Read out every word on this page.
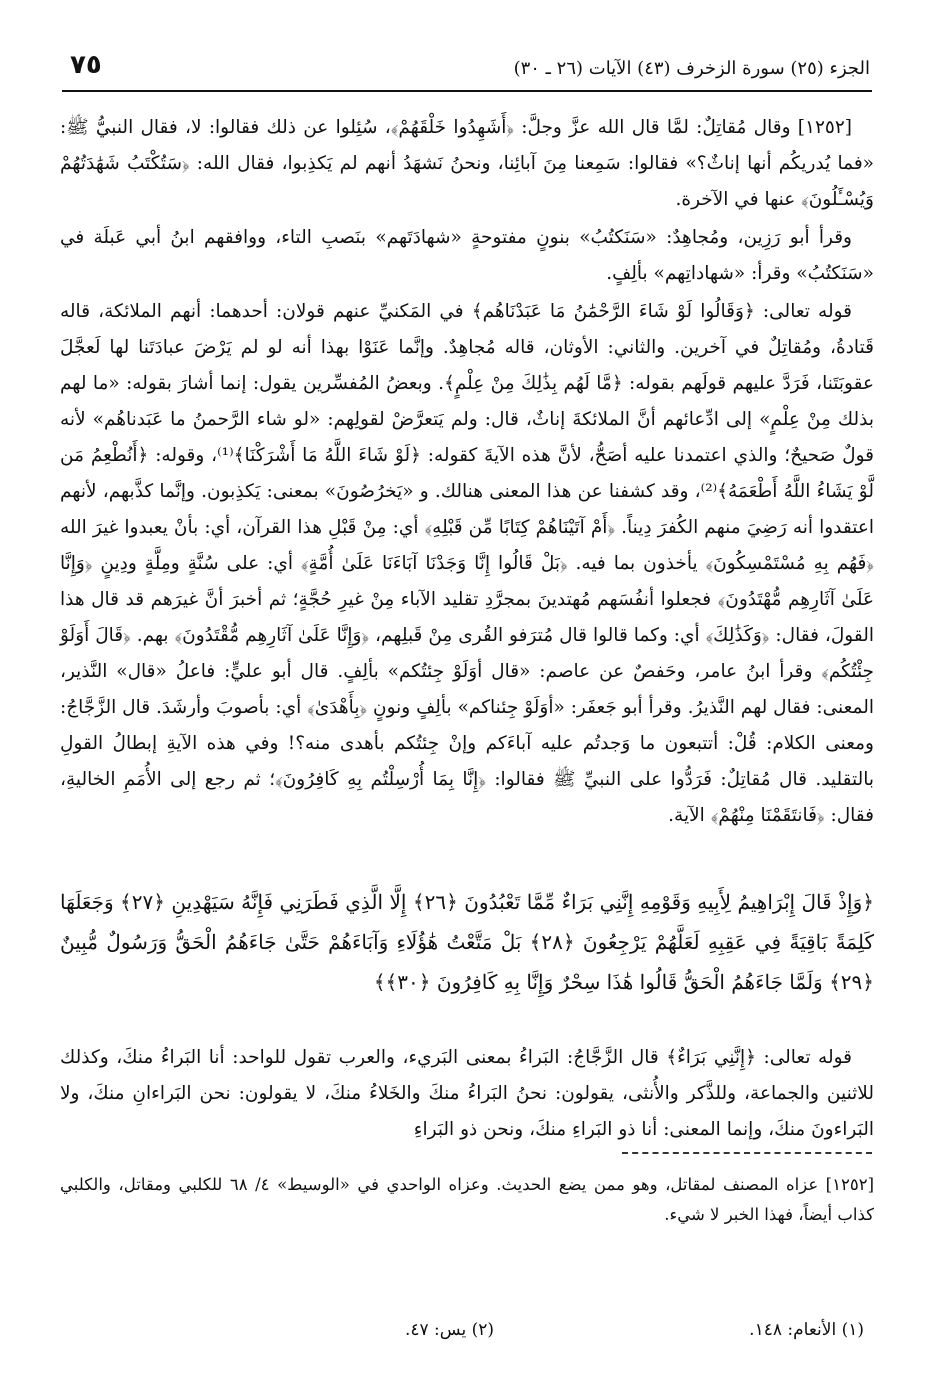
٧٥	الجزء (٢٥) سورة الزخرف (٤٣) الآيات (٢٦ ـ ٣٠)

[١٢٥٢] وقال مُقاتِلٌ: لمَّا قال الله عزَّ وجلَّ: ﴿أَشَهِدُوا خَلْقَهُمْ﴾، سُئِلوا عن ذلك فقالوا: لا، فقال النبيُّ ﷺ: «فما يُدريكُم أنها إناثٌ؟» فقالوا: سَمِعنا مِنَ آبائِنا، ونحنُ نَشهَدُ أنهم لم يَكذِبوا، فقال الله: ﴿سَتُكْتَبُ شَهَٰدَتُهُمْ وَيُسْـَٔلُونَ﴾ عنها في الآخرة.

وقرأ أبو رَزِين، ومُجاهِدٌ: «سَنَكتُبُ» بنونٍ مفتوحةٍ «شهادَتَهم» بنَصبِ التاء، ووافقهم ابنُ أبي عَبلَة في «سَنَكتُبُ» وقرأ: «شهاداتِهم» بألِفٍ.

قوله تعالى: ﴿وَقَالُوا لَوْ شَاءَ الرَّحْمَٰنُ مَا عَبَدْنَاهُم﴾ في المَكنيِّ عنهم قولان: أحدهما: أنهم الملائكة، قاله قَتادةُ، ومُقاتِلٌ في آخرين. والثاني: الأوثان، قاله مُجاهِدٌ. وإنَّما عَنَوْا بهذا أنه لو لم يَرْضَ عبادَتَنا لها لَعجَّلَ عقوبَتَنا، فَرَدَّ عليهم قولَهم بقوله: ﴿مَّا لَهُم بِذَٰلِكَ مِنْ عِلْمٍ﴾. وبعضُ المُفسِّرين يقول: إنما أشارَ بقوله: «ما لهم بذلك مِنْ عِلْمٍ» إلى ادِّعائهم أنَّ الملائكةَ إناثٌ، قال: ولم يَتعرَّضْ لقولِهم: «لو شاء الرَّحمنُ ما عَبَدناهُم» لأنه قولٌ صَحيحٌ؛ والذي اعتمدنا عليه أصَحُّ، لأنَّ هذه الآيةَ كقوله: ﴿لَوْ شَاءَ اللَّهُ مَا أَشْرَكْنَا﴾⁽¹⁾، وقوله: ﴿أَنُطْعِمُ مَن لَّوْ يَشَاءُ اللَّهُ أَطْعَمَهُ﴾⁽²⁾، وقد كشفنا عن هذا المعنى هنالك. و «يَخرُصُونَ» بمعنى: يَكذِبون. وإنَّما كذَّبهم، لأنهم اعتقدوا أنه رَضِيَ منهم الكُفرَ دِيناً. ﴿أَمْ آتَيْنَاهُمْ كِتَابًا مِّن قَبْلِهِ﴾ أي: مِنْ قَبْلِ هذا القرآن، أي: بأنْ يعبدوا غيرَ الله ﴿فَهُم بِهِ مُسْتَمْسِكُونَ﴾ يأخذون بما فيه. ﴿بَلْ قَالُوا إِنَّا وَجَدْنَا آبَاءَنَا عَلَىٰ أُمَّةٍ﴾ أي: على سُنَّةٍ ومِلَّةٍ ودِينٍ ﴿وَإِنَّا عَلَىٰ آثَارِهِم مُّهْتَدُونَ﴾ فجعلوا أنفُسَهم مُهتدينَ بمجرَّدِ تقليد الآباء مِنْ غيرِ حُجَّةٍ؛ ثم أخبرَ أنَّ غيرَهم قد قال هذا القولَ، فقال: ﴿وَكَذَٰلِكَ﴾ أي: وكما قالوا قال مُترَفو القُرى مِنْ قَبلِهم، ﴿وَإِنَّا عَلَىٰ آثَارِهِم مُّقْتَدُونَ﴾ بهم. ﴿قَالَ أَوَلَوْ جِئْتُكُم﴾ وقرأ ابنُ عامر، وحَفصٌ عن عاصم: «قال أوَلَوْ جِئتُكم» بألِفٍ. قال أبو عليٍّ: فاعلُ «قال» النَّذير، المعنى: فقال لهم النَّذيرُ. وقرأ أبو جَعفَر: «أوَلَوْ جِئناكم» بألِفٍ ونونٍ ﴿بِأَهْدَىٰ﴾ أي: بأصوبَ وأرشَدَ. قال الزَّجَّاجُ: ومعنى الكلام: قُلْ: أتتبعون ما وَجدتُم عليه آباءَكم وإنْ جِئتُكم بأهدى منه؟! وفي هذه الآيةِ إبطالُ القولِ بالتقليد. قال مُقاتِلٌ: فَرَدُّوا على النبيِّ ﷺ فقالوا: ﴿إِنَّا بِمَا أُرْسِلْتُم بِهِ كَافِرُونَ﴾؛ ثم رجع إلى الأُمَمِ الخاليةِ، فقال: ﴿فَانتَقَمْنَا مِنْهُمْ﴾ الآية.

﴿وَإِذْ قَالَ إِبْرَاهِيمُ لِأَبِيهِ وَقَوْمِهِ إِنَّنِي بَرَاءٌ مِّمَّا تَعْبُدُونَ ﴿٢٦﴾ إِلَّا الَّذِي فَطَرَنِي فَإِنَّهُ سَيَهْدِينِ ﴿٢٧﴾ وَجَعَلَهَا كَلِمَةً بَاقِيَةً فِي عَقِبِهِ لَعَلَّهُمْ يَرْجِعُونَ ﴿٢٨﴾ بَلْ مَتَّعْتُ هَٰؤُلَاءِ وَآبَاءَهُمْ حَتَّىٰ جَاءَهُمُ الْحَقُّ وَرَسُولٌ مُّبِينٌ ﴿٢٩﴾ وَلَمَّا جَاءَهُمُ الْحَقُّ قَالُوا هَٰذَا سِحْرٌ وَإِنَّا بِهِ كَافِرُونَ ﴿٣٠﴾﴾

قوله تعالى: ﴿إِنَّنِي بَرَاءٌ﴾ قال الزَّجَّاجُ: البَراءُ بمعنى البَريء، والعرب تقول للواحد: أنا البَراءُ منكَ، وكذلك للاثنين والجماعة، وللذَّكر والأُنثى، يقولون: نحنُ البَراءُ منكَ والخَلاءُ منكَ، لا يقولون: نحن البَراءانِ منكَ، ولا البَراءونَ منكَ، وإنما المعنى: أنا ذو البَراءِ منكَ، ونحن ذو البَراءِ

[١٢٥٢] عزاه المصنف لمقاتل، وهو ممن يضع الحديث. وعزاه الواحدي في «الوسيط» ٤/ ٦٨ للكلبي ومقاتل، والكلبي كذاب أيضاً، فهذا الخبر لا شيء.

(١) الأنعام: ١٤٨.
(٢) يس: ٤٧.
